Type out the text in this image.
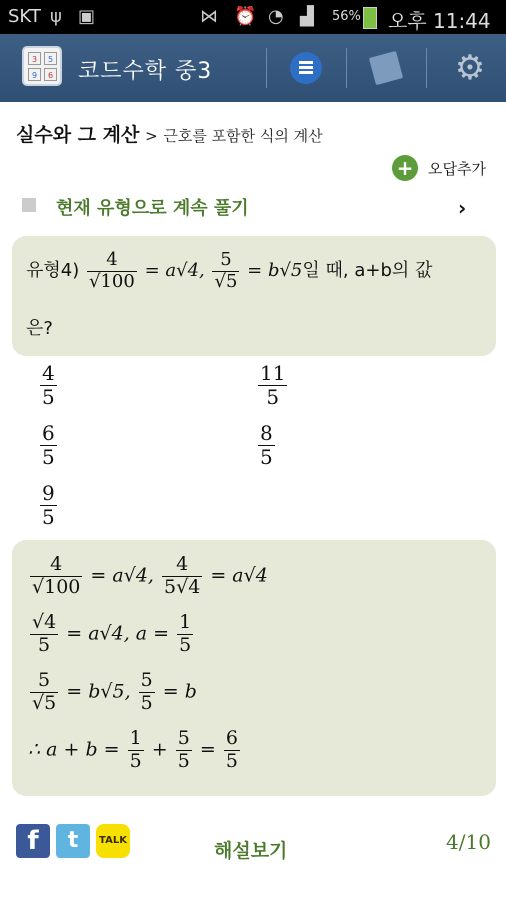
SKT ψ ▣	⋈ ⏰ ◔ ▟ 56% 오후 11:44
3	5
9	6 코드수학 중3	⚙
실수와 그 계산 > 근호를 포함한 식의 계산
+ 오답추가
현재 유형으로 계속 풀기	›
유형$4) \frac{4}{√100} = a√4$, $\frac{5}{√5} = b√5$일 때, a+b의 값
은?
$\frac{4}{5}$	$\frac{11}{5}$
$\frac{6}{5}$	$\frac{8}{5}$
$\frac{9}{5}$
$\frac{4}{√100} = a√4$, $\frac{4}{5√4} = a√4$
$\frac{√4}{5} = a√4$, $a = \frac{1}{5}$
$\frac{5}{√5} = b√5$, $\frac{5}{5} = b$
∴ $a + b = \frac{1}{5} + \frac{5}{5} = \frac{6}{5}$
f	t	TALK	해설보기	4/10
